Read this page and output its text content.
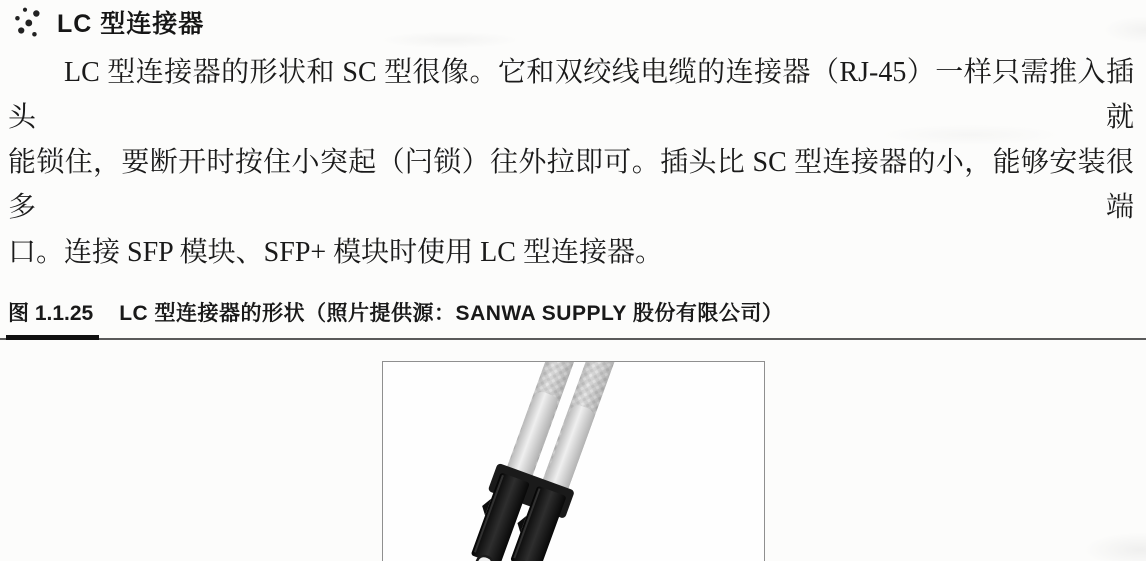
LC 型连接器
LC 型连接器的形状和 SC 型很像。它和双绞线电缆的连接器（RJ-45）一样只需推入插头就
能锁住，要断开时按住小突起（闩锁）往外拉即可。插头比 SC 型连接器的小，能够安装很多端
口。连接 SFP 模块、SFP+ 模块时使用 LC 型连接器。
图 1.1.25 LC 型连接器的形状（照片提供源：SANWA SUPPLY 股份有限公司）
